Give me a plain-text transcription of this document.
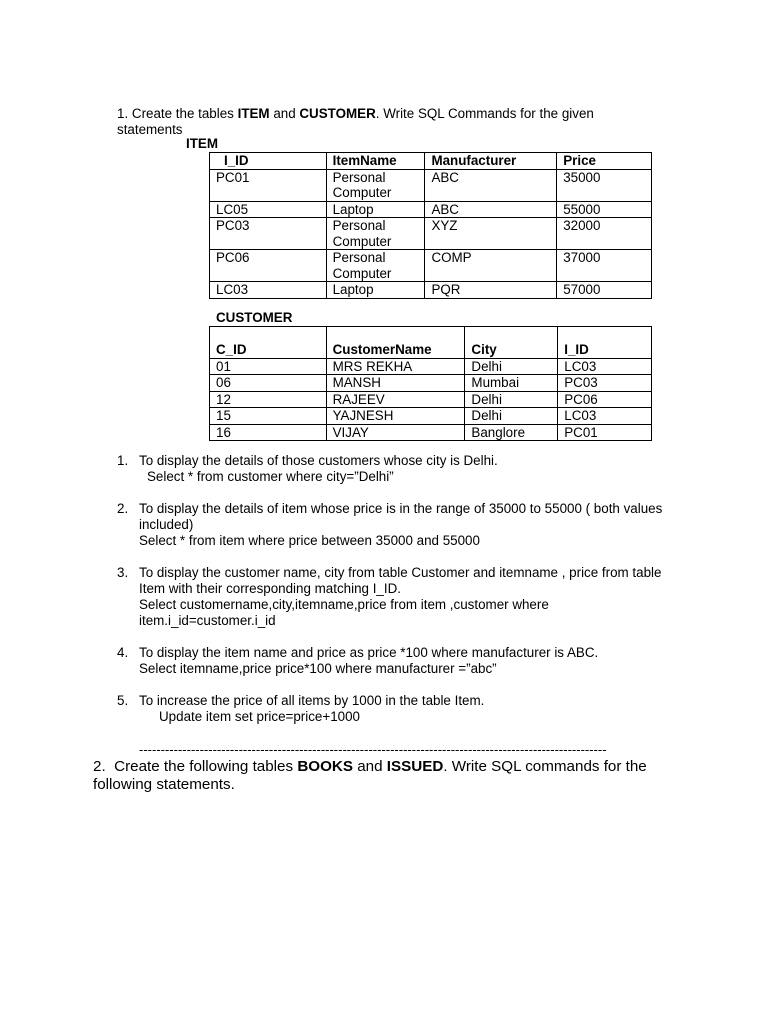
1. Create the tables ITEM and CUSTOMER. Write SQL Commands for the given statements
ITEM
I_ID	ItemName	Manufacturer	Price
PC01	Personal Computer	ABC	35000
LC05	Laptop	ABC	55000
PC03	Personal Computer	XYZ	32000
PC06	Personal Computer	COMP	37000
LC03	Laptop	PQR	57000
CUSTOMER
C_ID	CustomerName	City	I_ID
01	MRS REKHA	Delhi	LC03
06	MANSH	Mumbai	PC03
12	RAJEEV	Delhi	PC06
15	YAJNESH	Delhi	LC03
16	VIJAY	Banglore	PC01
1. To display the details of those customers whose city is Delhi.
Select * from customer where city=”Delhi”
2. To display the details of item whose price is in the range of 35000 to 55000 ( both values included)
Select * from item where price between 35000 and 55000
3. To display the customer name, city from table Customer and itemname , price from table Item with their corresponding matching I_ID.
Select customername,city,itemname,price from item ,customer where item.i_id=customer.i_id
4. To display the item name and price as price *100 where manufacturer is ABC.
Select itemname,price price*100 where manufacturer =”abc”
5. To increase the price of all items by 1000 in the table Item.
Update item set price=price+1000
------------------------------------------------------------------------------------------------------------
2.  Create the following tables BOOKS and ISSUED. Write SQL commands for the following statements.
